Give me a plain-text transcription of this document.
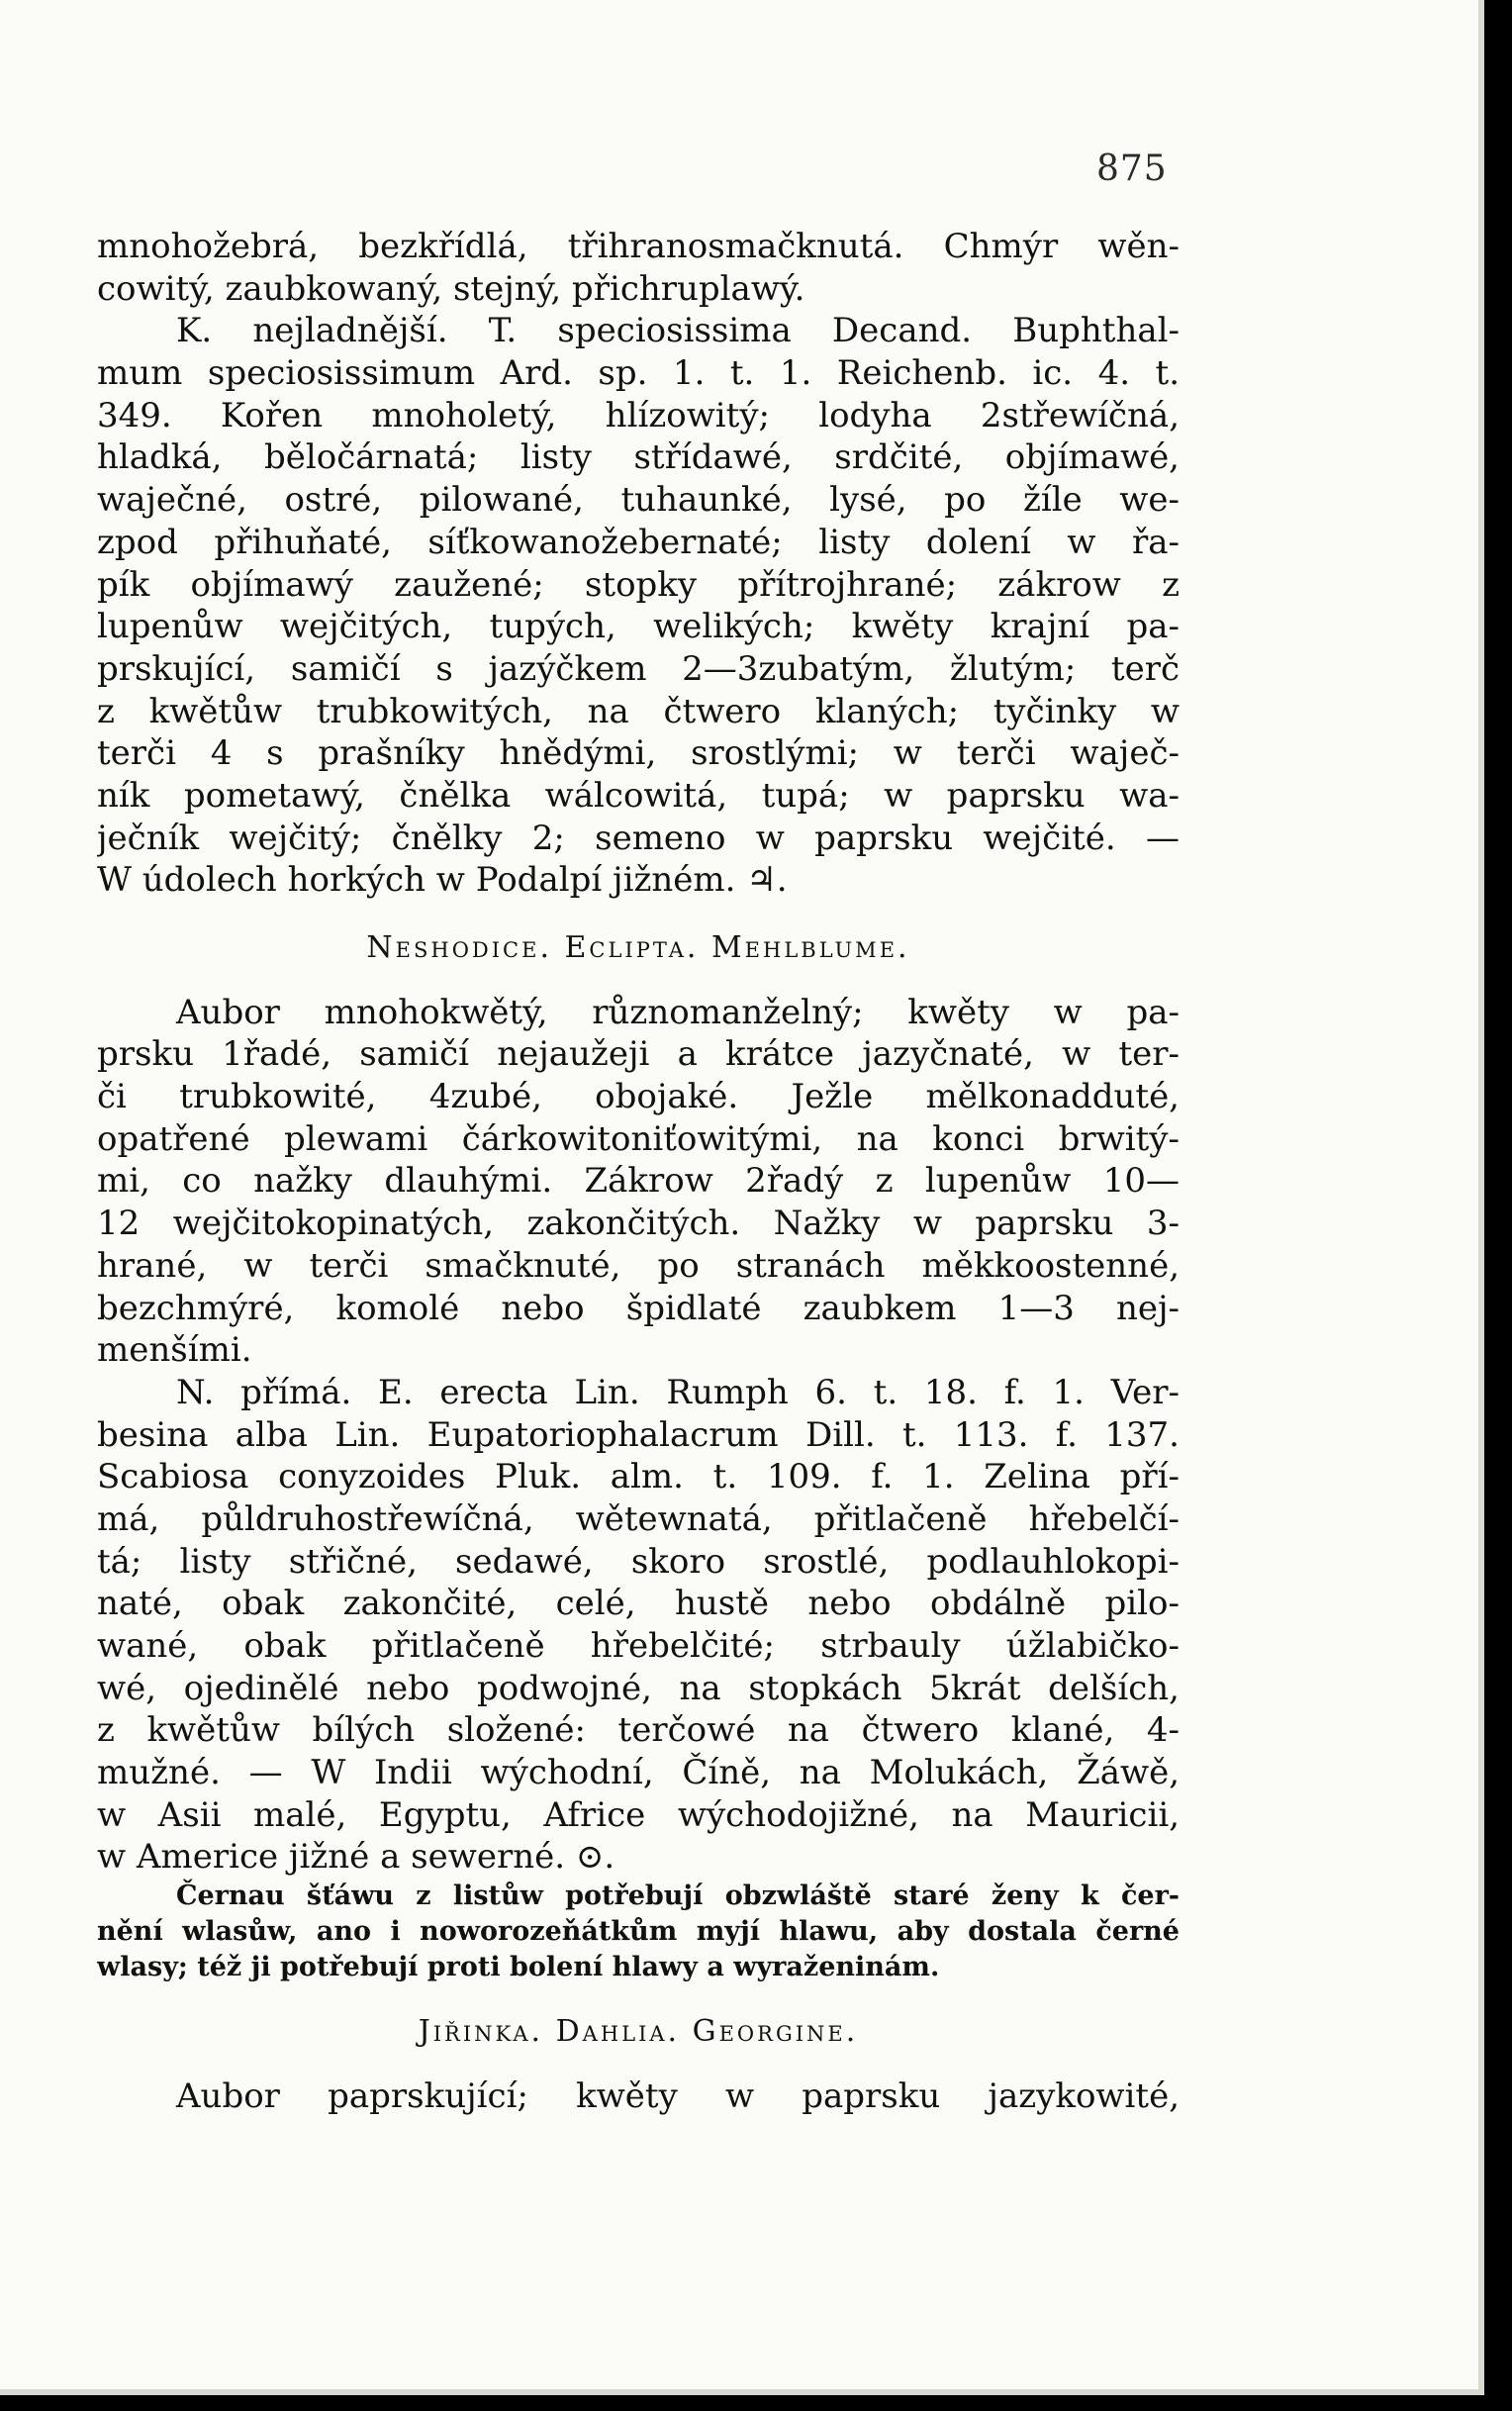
875
mnohožebrá, bezkřídlá, třihranosmačknutá. Chmýr wěn-
cowitý, zaubkowaný, stejný, přichruplawý.
K. nejladnější. T. speciosissima Decand. Buphthal-
mum speciosissimum Ard. sp. 1. t. 1. Reichenb. ic. 4. t.
349. Kořen mnoholetý, hlízowitý; lodyha 2střewíčná,
hladká, běločárnatá; listy střídawé, srdčité, objímawé,
waječné, ostré, pilowané, tuhaunké, lysé, po žíle we-
zpod přihuňaté, síťkowanožebernaté; listy dolení w řa-
pík objímawý zaužené; stopky přítrojhrané; zákrow z
lupenůw wejčitých, tupých, welikých; kwěty krajní pa-
prskující, samičí s jazýčkem 2—3zubatým, žlutým; terč
z kwětůw trubkowitých, na čtwero klaných; tyčinky w
terči 4 s prašníky hnědými, srostlými; w terči waječ-
ník pometawý, čnělka wálcowitá, tupá; w paprsku wa-
ječník wejčitý; čnělky 2; semeno w paprsku wejčité. —
W údolech horkých w Podalpí jižném. ♃.
Neshodice. Eclipta. Mehlblume.
Aubor mnohokwětý, různomanželný; kwěty w pa-
prsku 1řadé, samičí nejaužeji a krátce jazyčnaté, w ter-
či trubkowité, 4zubé, obojaké. Ježle mělkonadduté,
opatřené plewami čárkowitoniťowitými, na konci brwitý-
mi, co nažky dlauhými. Zákrow 2řadý z lupenůw 10—
12 wejčitokopinatých, zakončitých. Nažky w paprsku 3-
hrané, w terči smačknuté, po stranách měkkoostenné,
bezchmýré, komolé nebo špidlaté zaubkem 1—3 nej-
menšími.
N. přímá. E. erecta Lin. Rumph 6. t. 18. f. 1. Ver-
besina alba Lin. Eupatoriophalacrum Dill. t. 113. f. 137.
Scabiosa conyzoides Pluk. alm. t. 109. f. 1. Zelina pří-
má, půldruhostřewíčná, wětewnatá, přitlačeně hřebelčí-
tá; listy střičné, sedawé, skoro srostlé, podlauhlokopi-
naté, obak zakončité, celé, hustě nebo obdálně pilo-
wané, obak přitlačeně hřebelčité; strbauly úžlabičko-
wé, ojedinělé nebo podwojné, na stopkách 5krát delších,
z kwětůw bílých složené: terčowé na čtwero klané, 4-
mužné. — W Indii wýchodní, Číně, na Molukách, Žáwě,
w Asii malé, Egyptu, Africe wýchodojižné, na Mauricii,
w Americe jižné a sewerné. ⊙.
Černau šťáwu z listůw potřebují obzwláště staré ženy k čer-
nění wlasůw, ano i noworozeňátkům myjí hlawu, aby dostala černé
wlasy; též ji potřebují proti bolení hlawy a wyraženinám.
Jiřinka. Dahlia. Georgine.
Aubor paprskující; kwěty w paprsku jazykowité,
